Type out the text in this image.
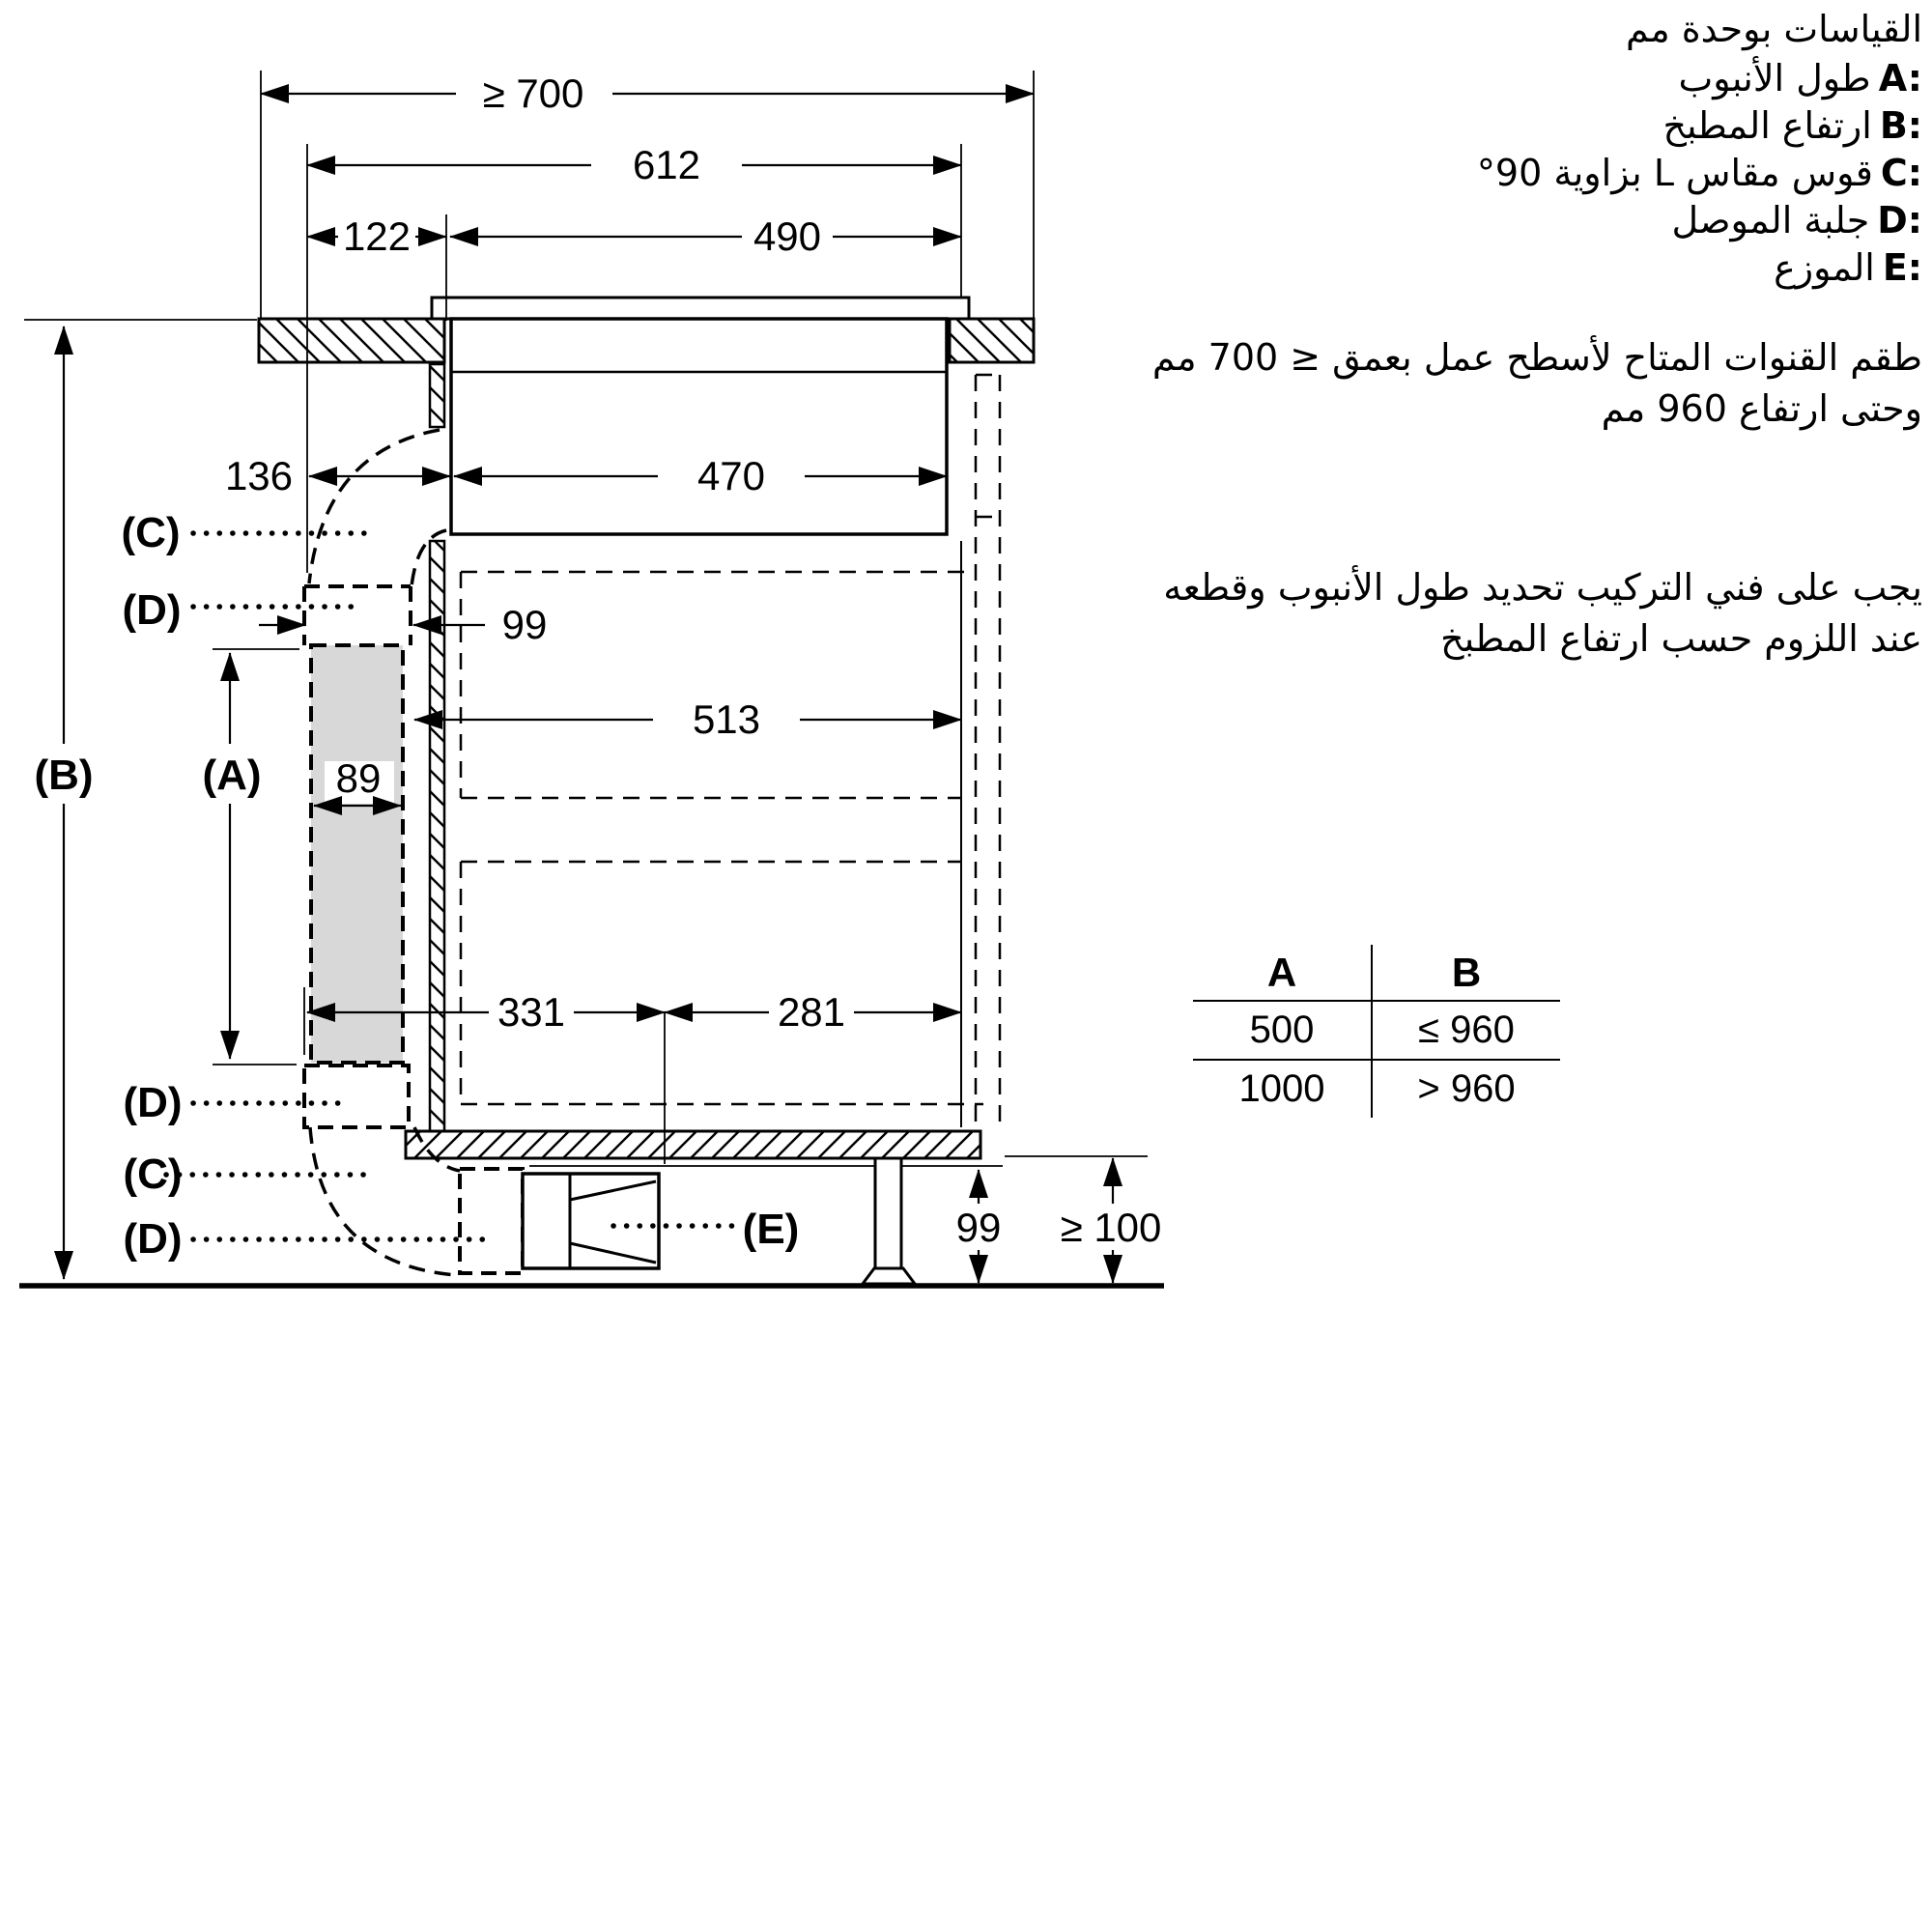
≥ 700
612
122	490
136	470
99
513
89
331	281
99 ≥ 100
(B)	(A)
(C)
(D)
(D)
(C)
(D)	(E)
القياسات بوحدة مم
A:طول الأنبوب
B:ارتفاع المطبخ
C:قوس مقاس L بزاوية 90°
D:جلبة الموصل
E:الموزع
طقم القنوات المتاح لأسطح عمل بعمق ≤ 700 مم
وحتى ارتفاع 960 مم
يجب على فني التركيب تحديد طول الأنبوب وقطعه
عند اللزوم حسب ارتفاع المطبخ
A	B
500	≤ 960
1000	> 960
